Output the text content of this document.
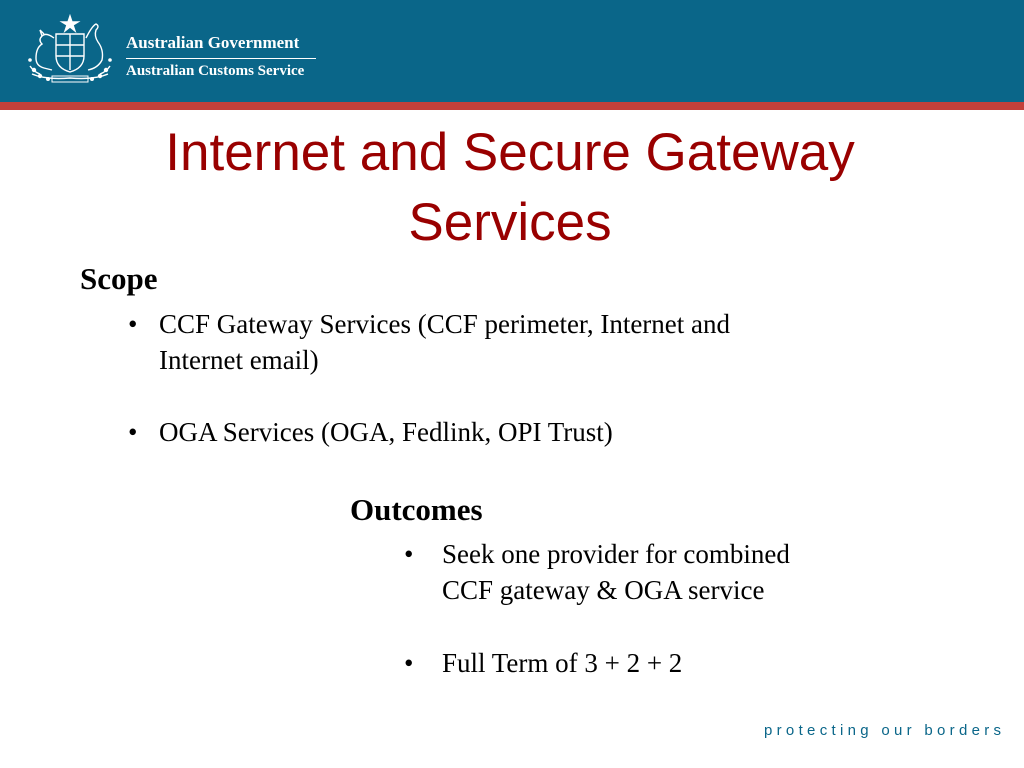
Australian Government
Australian Customs Service
Internet and Secure Gateway
Services
Scope
• CCF Gateway Services (CCF perimeter, Internet and
Internet email)
• OGA Services (OGA, Fedlink, OPI Trust)
Outcomes
•	Seek one provider for combined
CCF gateway & OGA service
•	Full Term of 3 + 2 + 2
protecting our borders
